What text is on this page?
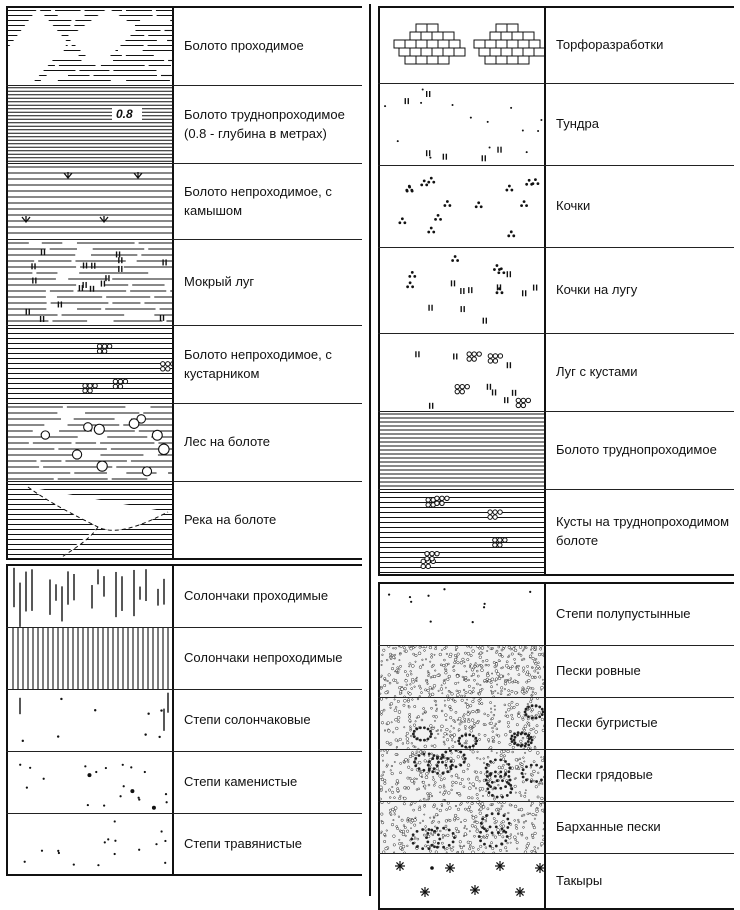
Болото проходимое
0.8	Болото труднопроходимое (0.8 - глубина в метрах)
Болото непроходимое, с камышом
Мокрый луг
Болото непроходимое, с кустарником
Лес на болоте
Река на болоте
Солончаки проходимые
Солончаки непроходимые
Степи солончаковые
Степи каменистые
Степи травянистые
Торфоразработки
Тундра
Кочки
Кочки на лугу
Луг с кустами
Болото труднопроходимое
Кусты на труднопроходимом болоте
Степи полупустынные
Пески ровные
Пески бугристые
Пески грядовые
Барханные пески
Такыры
